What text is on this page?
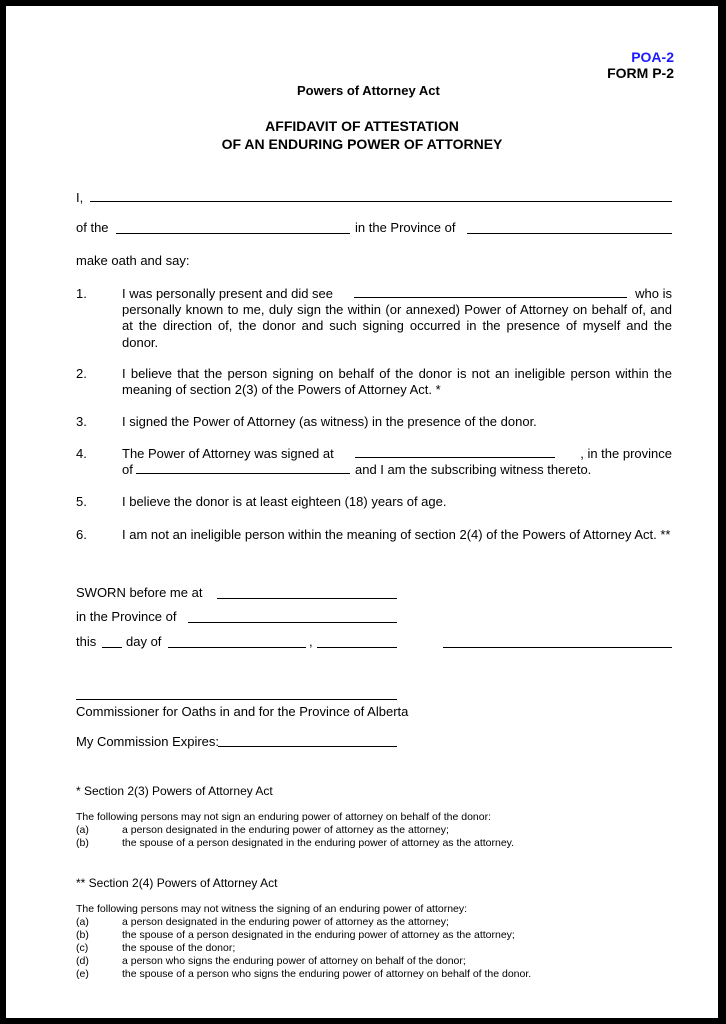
POA-2
FORM P-2
Powers of Attorney Act
AFFIDAVIT OF ATTESTATION
OF AN ENDURING POWER OF ATTORNEY
I,
of the	in the Province of
make oath and say:
1.	I was personally present and did see	who is
personally known to me, duly sign the within (or annexed) Power of Attorney on behalf of, and at the direction of, the donor and such signing occurred in the presence of myself and the donor.
2.	I believe that the person signing on behalf of the donor is not an ineligible person within the meaning of section 2(3) of the Powers of Attorney Act. *
3.	I signed the Power of Attorney (as witness) in the presence of the donor.
4.	The Power of Attorney was signed at	, in the province
of	and I am the subscribing witness thereto.
5.	I believe the donor is at least eighteen (18) years of age.
6.	I am not an ineligible person within the meaning of section 2(4) of the Powers of Attorney Act. **
SWORN before me at
in the Province of
this day of	,
Commissioner for Oaths in and for the Province of Alberta
My Commission Expires:
* Section 2(3) Powers of Attorney Act
The following persons may not sign an enduring power of attorney on behalf of the donor:
(a)	a person designated in the enduring power of attorney as the attorney;
(b)	the spouse of a person designated in the enduring power of attorney as the attorney.
** Section 2(4) Powers of Attorney Act
The following persons may not witness the signing of an enduring power of attorney:
(a)	a person designated in the enduring power of attorney as the attorney;
(b)	the spouse of a person designated in the enduring power of attorney as the attorney;
(c)	the spouse of the donor;
(d)	a person who signs the enduring power of attorney on behalf of the donor;
(e)	the spouse of a person who signs the enduring power of attorney on behalf of the donor.
